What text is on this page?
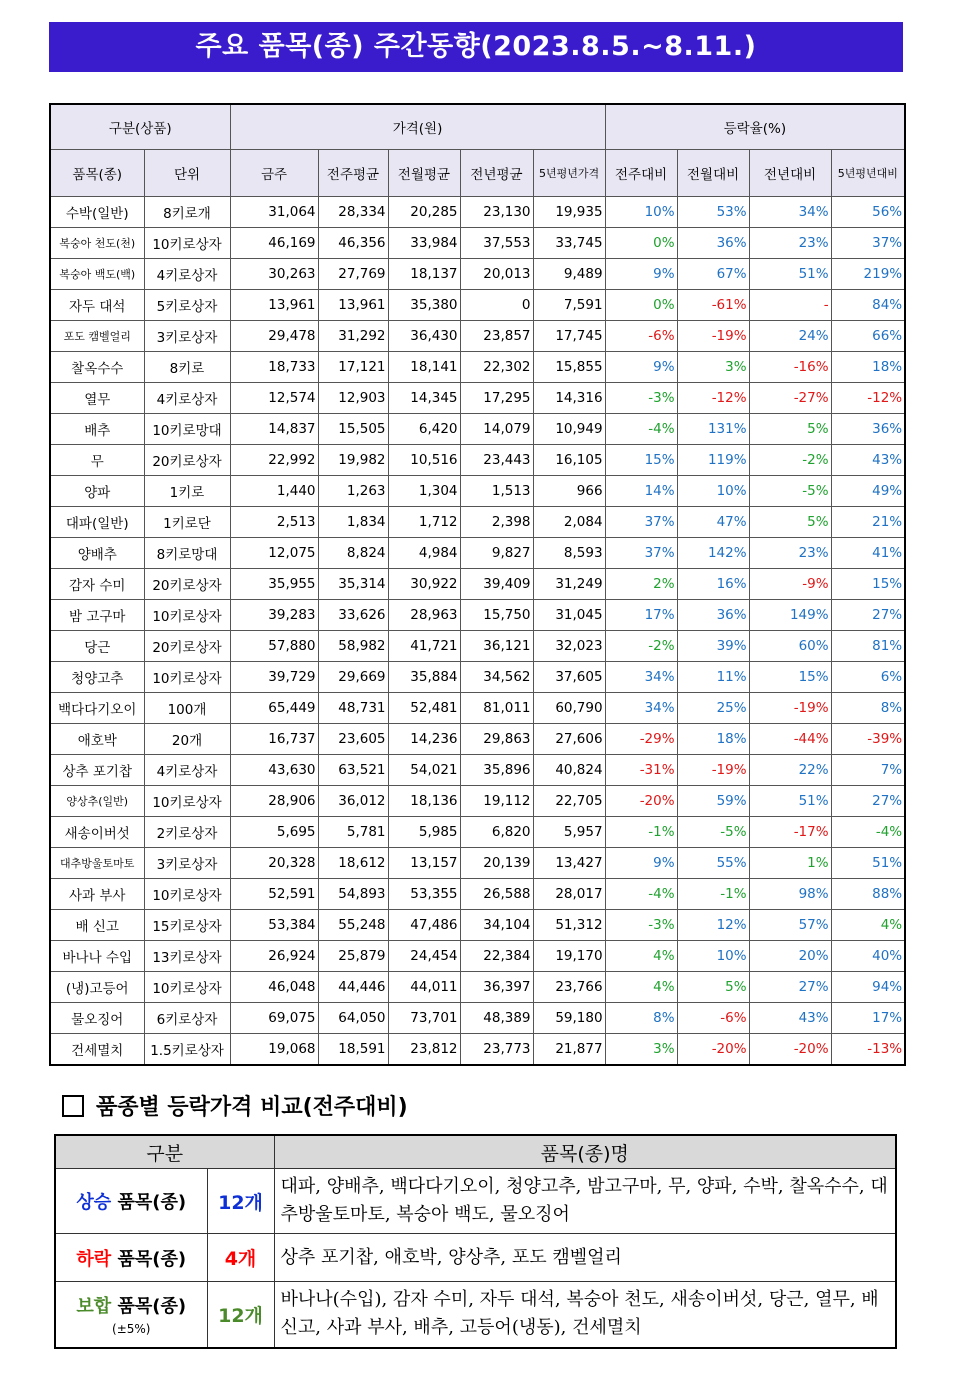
주요 품목(종) 주간동향(2023.8.5.~8.11.)
구분(상품)		가격(원)					등락율(%)			
품목(종)	단위	금주	전주평균	전월평균	전년평균	5년평년가격	전주대비	전월대비	전년대비	5년평년대비
수박(일반)	8키로개	31,064	28,334	20,285	23,130	19,935	10%	53%	34%	56%
복숭아 천도(천)	10키로상자	46,169	46,356	33,984	37,553	33,745	0%	36%	23%	37%
복숭아 백도(백)	4키로상자	30,263	27,769	18,137	20,013	9,489	9%	67%	51%	219%
자두 대석	5키로상자	13,961	13,961	35,380	0	7,591	0%	-61%	-	84%
포도 캠벨얼리	3키로상자	29,478	31,292	36,430	23,857	17,745	-6%	-19%	24%	66%
찰옥수수	8키로	18,733	17,121	18,141	22,302	15,855	9%	3%	-16%	18%
열무	4키로상자	12,574	12,903	14,345	17,295	14,316	-3%	-12%	-27%	-12%
배추	10키로망대	14,837	15,505	6,420	14,079	10,949	-4%	131%	5%	36%
무	20키로상자	22,992	19,982	10,516	23,443	16,105	15%	119%	-2%	43%
양파	1키로	1,440	1,263	1,304	1,513	966	14%	10%	-5%	49%
대파(일반)	1키로단	2,513	1,834	1,712	2,398	2,084	37%	47%	5%	21%
양배추	8키로망대	12,075	8,824	4,984	9,827	8,593	37%	142%	23%	41%
감자 수미	20키로상자	35,955	35,314	30,922	39,409	31,249	2%	16%	-9%	15%
밤 고구마	10키로상자	39,283	33,626	28,963	15,750	31,045	17%	36%	149%	27%
당근	20키로상자	57,880	58,982	41,721	36,121	32,023	-2%	39%	60%	81%
청양고추	10키로상자	39,729	29,669	35,884	34,562	37,605	34%	11%	15%	6%
백다다기오이	100개	65,449	48,731	52,481	81,011	60,790	34%	25%	-19%	8%
애호박	20개	16,737	23,605	14,236	29,863	27,606	-29%	18%	-44%	-39%
상추 포기찹	4키로상자	43,630	63,521	54,021	35,896	40,824	-31%	-19%	22%	7%
양상추(일반)	10키로상자	28,906	36,012	18,136	19,112	22,705	-20%	59%	51%	27%
새송이버섯	2키로상자	5,695	5,781	5,985	6,820	5,957	-1%	-5%	-17%	-4%
대추방울토마토	3키로상자	20,328	18,612	13,157	20,139	13,427	9%	55%	1%	51%
사과 부사	10키로상자	52,591	54,893	53,355	26,588	28,017	-4%	-1%	98%	88%
배 신고	15키로상자	53,384	55,248	47,486	34,104	51,312	-3%	12%	57%	4%
바나나 수입	13키로상자	26,924	25,879	24,454	22,384	19,170	4%	10%	20%	40%
(냉)고등어	10키로상자	46,048	44,446	44,011	36,397	23,766	4%	5%	27%	94%
물오징어	6키로상자	69,075	64,050	73,701	48,389	59,180	8%	-6%	43%	17%
건세멸치	1.5키로상자	19,068	18,591	23,812	23,773	21,877	3%	-20%	-20%	-13%
품종별 등락가격 비교(전주대비)
구분		품목(종)명
상승 품목(종)	12개	대파, 양배추, 백다다기오이, 청양고추, 밤고구마, 무, 양파, 수박, 찰옥수수, 대추방울토마토, 복숭아 백도, 물오징어
하락 품목(종)	4개	상추 포기찹, 애호박, 양상추, 포도 캠벨얼리
보합 품목(종)
(±5%)	12개	바나나(수입), 감자 수미, 자두 대석, 복숭아 천도, 새송이버섯, 당근, 열무, 배 신고, 사과 부사, 배추, 고등어(냉동), 건세멸치
